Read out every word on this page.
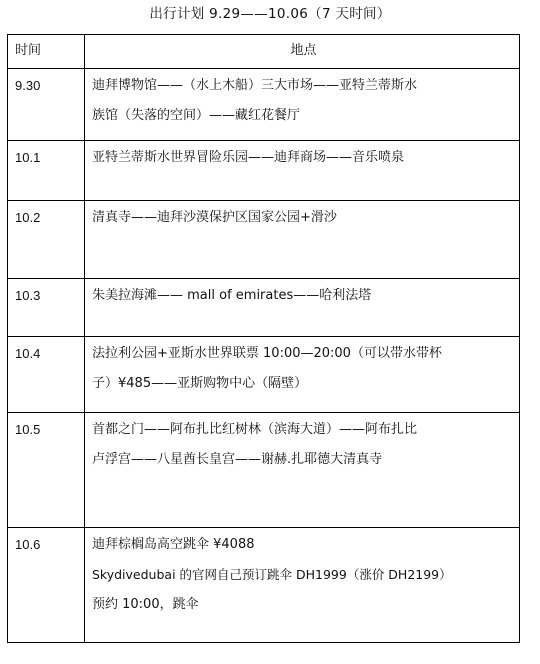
出行计划 9.29——10.06（7 天时间）
时间	地点
9.30	迪拜博物馆——（水上木船）三大市场——亚特兰蒂斯水
族馆（失落的空间）——藏红花餐厅

10.1	亚特兰蒂斯水世界冒险乐园——迪拜商场——音乐喷泉

10.2	清真寺——迪拜沙漠保护区国家公园+滑沙

10.3	朱美拉海滩—— mall of emirates——哈利法塔

10.4	法拉利公园+亚斯水世界联票 10:00—20:00（可以带水带杯
子）¥485——亚斯购物中心（隔壁）

10.5	首都之门——阿布扎比红树林（滨海大道）——阿布扎比
卢浮宫——八星酋长皇宫——谢赫.扎耶德大清真寺

10.6	迪拜棕榈岛高空跳伞 ¥4088
Skydivedubai 的官网自己预订跳伞 DH1999（涨价 DH2199）
预约 10:00，跳伞
